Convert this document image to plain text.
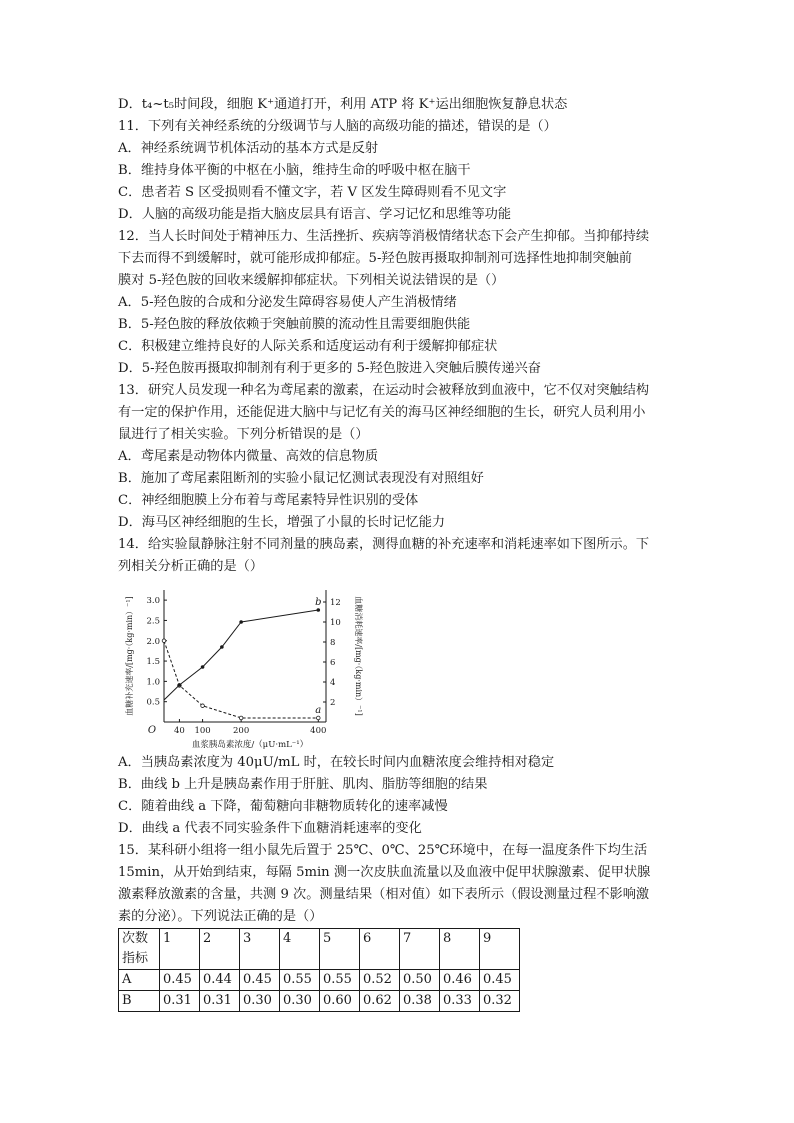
D．t₄~t₅时间段，细胞 K⁺通道打开，利用 ATP 将 K⁺运出细胞恢复静息状态
11．下列有关神经系统的分级调节与人脑的高级功能的描述，错误的是（）
A．神经系统调节机体活动的基本方式是反射
B．维持身体平衡的中枢在小脑，维持生命的呼吸中枢在脑干
C．患者若 S 区受损则看不懂文字，若 V 区发生障碍则看不见文字
D．人脑的高级功能是指大脑皮层具有语言、学习记忆和思维等功能
12．当人长时间处于精神压力、生活挫折、疾病等消极情绪状态下会产生抑郁。当抑郁持续
下去而得不到缓解时，就可能形成抑郁症。5-羟色胺再摄取抑制剂可选择性地抑制突触前
膜对 5-羟色胺的回收来缓解抑郁症状。下列相关说法错误的是（）
A．5-羟色胺的合成和分泌发生障碍容易使人产生消极情绪
B．5-羟色胺的释放依赖于突触前膜的流动性且需要细胞供能
C．积极建立维持良好的人际关系和适度运动有利于缓解抑郁症状
D．5-羟色胺再摄取抑制剂有利于更多的 5-羟色胺进入突触后膜传递兴奋
13．研究人员发现一种名为鸢尾素的激素，在运动时会被释放到血液中，它不仅对突触结构
有一定的保护作用，还能促进大脑中与记忆有关的海马区神经细胞的生长，研究人员利用小
鼠进行了相关实验。下列分析错误的是（）
A．鸢尾素是动物体内微量、高效的信息物质
B．施加了鸢尾素阻断剂的实验小鼠记忆测试表现没有对照组好
C．神经细胞膜上分布着与鸢尾素特异性识别的受体
D．海马区神经细胞的生长，增强了小鼠的长时记忆能力
14．给实验鼠静脉注射不同剂量的胰岛素，测得血糖的补充速率和消耗速率如下图所示。下
列相关分析正确的是（）
血糖补充速率/[mg·（kg·min）⁻¹]	血糖消耗速率/[mg·（kg·min）⁻¹]
血浆胰岛素浓度/（μU·mL⁻¹）
0.5
1.0
1.5
2.0
2.5
3.0
2
4
6
8
10
12
O 40 100	200	400
a
b
A．当胰岛素浓度为 40μU/mL 时，在较长时间内血糖浓度会维持相对稳定
B．曲线 b 上升是胰岛素作用于肝脏、肌肉、脂肪等细胞的结果
C．随着曲线 a 下降，葡萄糖向非糖物质转化的速率减慢
D．曲线 a 代表不同实验条件下血糖消耗速率的变化
15．某科研小组将一组小鼠先后置于 25℃、0℃、25℃环境中，在每一温度条件下均生活
15min，从开始到结束，每隔 5min 测一次皮肤血流量以及血液中促甲状腺激素、促甲状腺
激素释放激素的含量，共测 9 次。测量结果（相对值）如下表所示（假设测量过程不影响激
素的分泌）。下列说法正确的是（）
次数
指标	1	2	3	4	5	6	7	8	9
A	0.45	0.44	0.45	0.55	0.55	0.52	0.50	0.46	0.45
B	0.31	0.31	0.30	0.30	0.60	0.62	0.38	0.33	0.32
